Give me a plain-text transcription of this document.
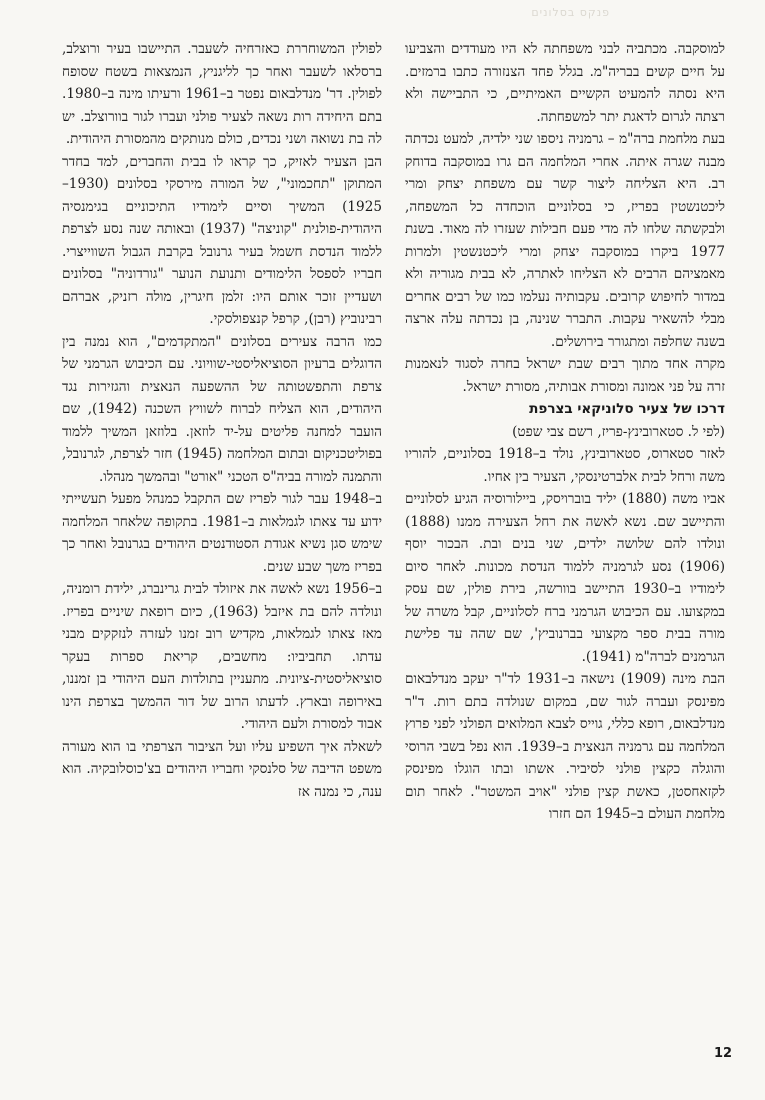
פנקס בסלונים

למוסקבה. מכתביה לבני משפחתה לא היו מעודדים והצביעו על חיים קשים בבריה"מ. בגלל פחד הצנזורה כתבו ברמזים. היא נסתה להמעיט הקשיים האמיתיים, כי התביישה ולא רצתה לגרום לדאגת יתר למשפחתה.

בעת מלחמת ברה"מ – גרמניה ניספו שני ילדיה, למעט נכדתה מבנה שגרה איתה. אחרי המלחמה הם גרו במוסקבה בדוחק רב. היא הצליחה ליצור קשר עם משפחת יצחק ומרי ליכטנשטין בפריז, כי בסלוניים הוכחדה כל המשפחה, ולבקשתה שלחו לה מדי פעם חבילות שעזרו לה מאוד. בשנת 1977 ביקרו במוסקבה יצחק ומרי ליכטנשטין ולמרות מאמציהם הרבים לא הצליחו לאתרה, לא בבית מגוריה ולא במדור לחיפוש קרובים. עקבותיה נעלמו כמו של רבים אחרים מבלי להשאיר עקבות. התברר שנינה, בן נכדתה עלה ארצה בשנה שחלפה ומתגורר בירושלים.

מקרה אחד מתוך רבים שבת ישראל בחרה לסגוד לנאמנות זרה על פני אמונה ומסורת אבותיה, מסורת ישראל.

דרכו של צעיר סלוניקאי בצרפת

(לפי ל. סטארובינץ-פריז, רשם צבי שפט)

לאזר סטארוס, סטארובינץ, נולד ב–1918 בסלוניים, להוריו משה ורחל לבית אלברטינסקי, הצעיר בין אחיו.

אביו משה (1880) יליד בוברויסק, ביילורוסיה הגיע לסלוניים והתיישב שם. נשא לאשה את רחל הצעירה ממנו (1888) ונולדו להם שלושה ילדים, שני בנים ובת. הבכור יוסף (1906) נסע לגרמניה ללמוד הנדסת מכונות. לאחר סיום לימודיו ב–1930 התיישב בוורשה, בירת פולין, שם עסק במקצועו. עם הכיבוש הגרמני ברח לסלוניים, קבל משרה של מורה בבית ספר מקצועי בברנוביץ', שם שהה עד פלישת הגרמנים לברה"מ (1941).

הבת מינה (1909) נישאה ב–1931 לד"ר יעקב מנדלבאום מפינסק ועברה לגור שם, במקום שנולדה בתם רות. ד"ר מנדלבאום, רופא כללי, גוייס לצבא המלואים הפולני לפני פרוץ המלחמה עם גרמניה הנאצית ב–1939. הוא נפל בשבי הרוסי והוגלה כקצין פולני לסיביר. אשתו ובתו הוגלו מפינסק לקזאחסטן, כאשת קצין פולני "אויב המשטר". לאחר תום מלחמת העולם ב–1945 הם חזרו

לפולין המשוחררת כאזרחיה לשעבר. התיישבו בעיר ורוצלב, ברסלאו לשעבר ואחר כך לליגניץ, הנמצאות בשטח שסופח לפולין. דר' מנדלבאום נפטר ב–1961 ורעיתו מינה ב–1980. בתם היחידה רות נשאה לצעיר פולני ועברו לגור בוורוצלב. יש לה בת נשואה ושני נכדים, כולם מנותקים מהמסורת היהודית.

הבן הצעיר לאזיק, כך קראו לו בבית והחברים, למד בחדר המתוקן "תחכמוני", של המורה מירסקי בסלונים (1930–1925) המשיך וסיים לימודיו התיכוניים בגימנסיה היהודית-פולנית "קוניצה" (1937) ובאותה שנה נסע לצרפת ללמוד הנדסת חשמל בעיר גרנובל בקרבת הגבול השווייצרי. חבריו לספסל הלימודים ותנועת הנוער "גורדוניה" בסלונים ושעדיין זוכר אותם היו: זלמן חיגרין, מולה רזניק, אברהם רבינוביץ (רבן), קרפל קנצפולסקי.

כמו הרבה צעירים בסלונים "המתקדמים", הוא נמנה בין הדוגלים ברעיון הסוציאליסטי-שוויוני. עם הכיבוש הגרמני של צרפת והתפשטותה של ההשפעה הנאצית והגזירות נגד היהודים, הוא הצליח לברוח לשוויץ השכנה (1942), שם הועבר למחנה פליטים על-יד לוזאן. בלוזאן המשיך ללמוד בפוליטכניקום ובתום המלחמה (1945) חזר לצרפת, לגרנובל, והתמנה למורה בביה"ס הטכני "אורט" ובהמשך מנהלו.

ב–1948 עבר לגור לפריז שם התקבל כמנהל מפעל תעשייתי ידוע עד צאתו לגמלאות ב–1981. בתקופה שלאחר המלחמה שימש סגן נשיא אגודת הסטודנטים היהודים בגרנובל ואחר כך בפריז משך שבע שנים.

ב–1956 נשא לאשה את איזולד לבית גרינברג, ילידת רומניה, ונולדה להם בת איזבל (1963), כיום רופאת שיניים בפריז. מאז צאתו לגמלאות, מקדיש רוב זמנו לעזרה לנזקקים מבני עדתו. תחביביו: מחשבים, קריאת ספרות בעקר סוציאליסטית-ציונית. מתעניין בתולדות העם היהודי בן זמננו, באירופה ובארץ. לדעתו הרוב של דור ההמשך בצרפת הינו אבוד למסורת ולעם היהודי.

לשאלה איך השפיע עליו ועל הציבור הצרפתי בו הוא מעורה משפט הדיבה של סלנסקי וחבריו היהודים בצ'כוסלובקיה. הוא ענה, כי נמנה אז

12
